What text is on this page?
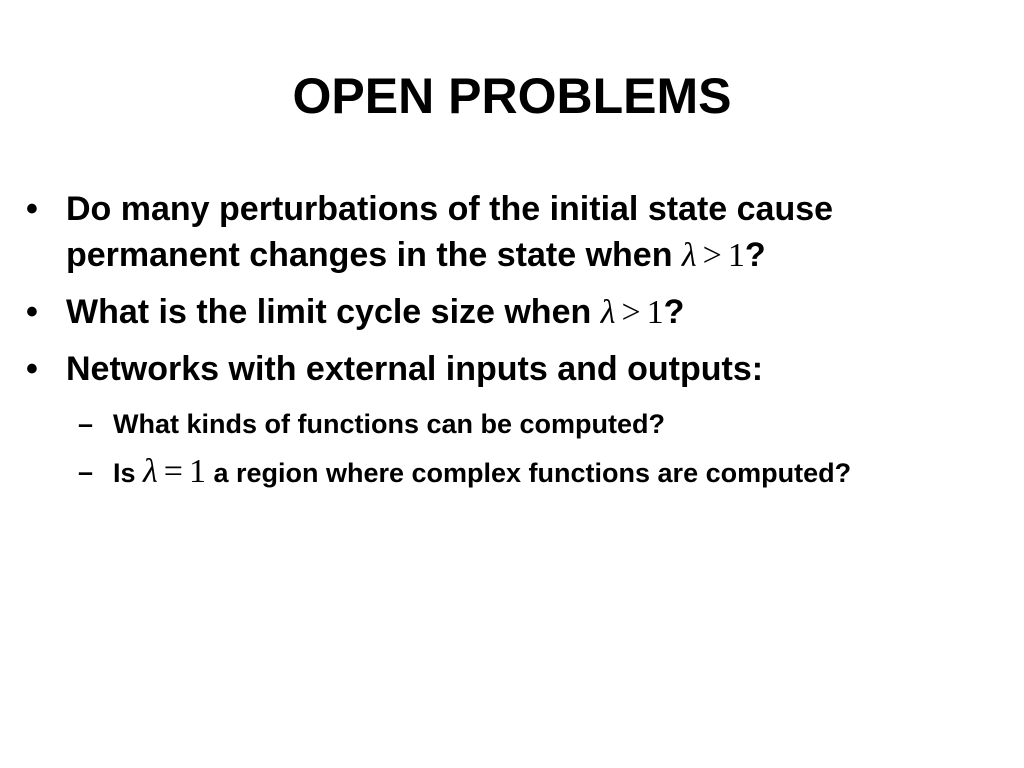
OPEN PROBLEMS
• Do many perturbations of the initial state cause permanent changes in the state when λ > 1?
• What is the limit cycle size when λ > 1?
• Networks with external inputs and outputs:
– What kinds of functions can be computed?
– Is λ = 1 a region where complex functions are computed?
